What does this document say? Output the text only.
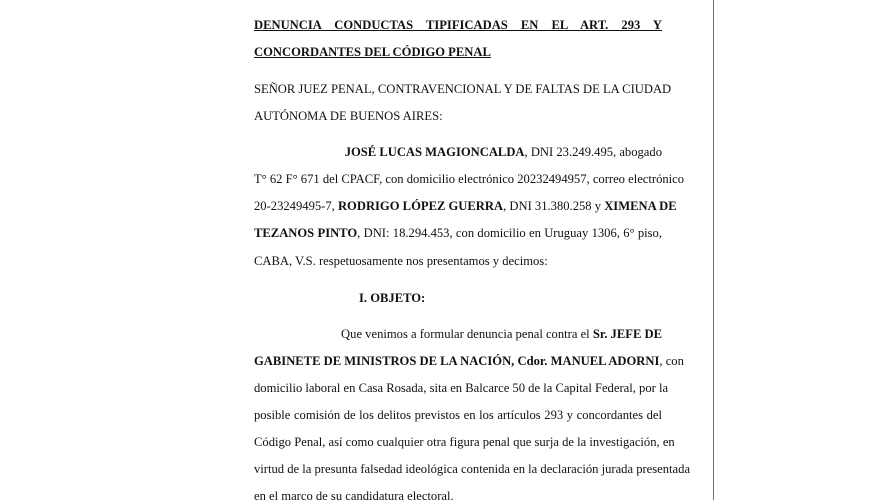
DENUNCIA CONDUCTAS TIPIFICADAS EN EL ART. 293 Y
CONCORDANTES DEL CÓDIGO PENAL
SEÑOR JUEZ PENAL, CONTRAVENCIONAL Y DE FALTAS DE LA CIUDAD
AUTÓNOMA DE BUENOS AIRES:
JOSÉ LUCAS MAGIONCALDA, DNI 23.249.495, abogado
T° 62 F° 671 del CPACF, con domicilio electrónico 20232494957, correo electrónico
20-23249495-7, RODRIGO LÓPEZ GUERRA, DNI 31.380.258 y XIMENA DE
TEZANOS PINTO, DNI: 18.294.453, con domicilio en Uruguay 1306, 6° piso,
CABA, V.S. respetuosamente nos presentamos y decimos:
I. OBJETO:
Que venimos a formular denuncia penal contra el Sr. JEFE DE
GABINETE DE MINISTROS DE LA NACIÓN, Cdor. MANUEL ADORNI, con
domicilio laboral en Casa Rosada, sita en Balcarce 50 de la Capital Federal, por la
posible comisión de los delitos previstos en los artículos 293 y concordantes del
Código Penal, así como cualquier otra figura penal que surja de la investigación, en
virtud de la presunta falsedad ideológica contenida en la declaración jurada presentada
en el marco de su candidatura electoral.
